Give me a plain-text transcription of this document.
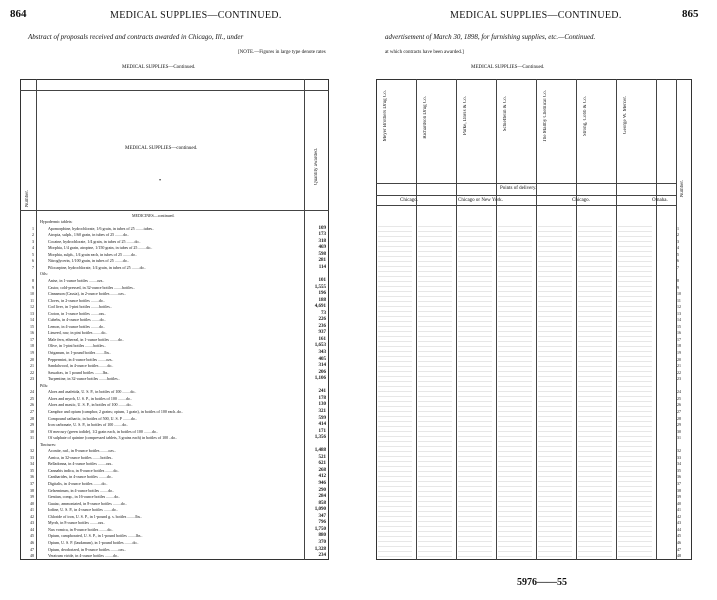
864	MEDICAL SUPPLIES—CONTINUED.
Abstract of proposals received and contracts awarded in Chicago, Ill., under
[NOTE.—Figures in large type denote rates
MEDICAL SUPPLIES—Continued.
Number.
MEDICAL SUPPLIES—continued.	Quantity awarded.
•
MEDICINES—continued.
Hypodermic tablets:
1	Apomorphine, hydrochlorate, 1/6 grain, in tubes of 25 ........tubes..	109
2	Atropia, sulph., 1/60 grain, in tubes of 25 ........do..	173
3	Cocaine, hydrochlorate, 1/4 grain, in tubes of 25 ........do..	318
4	Morphia, 1/4 grain, atropine, 1/150 grain, in tubes of 25 ........do..	469
5	Morphia, sulph., 1/4 grain each, in tubes of 25 ........do..	598
6	Nitroglycerin, 1/100 grain, in tubes of 25 ........do..	281
7	Pilocarpine, hydrochlorate, 1/4 grain, in tubes of 25 ........do..	114
Oils:
8	Anise, in 1-ounce bottles ........ozs..	101
9	Castor, cold-pressed, in 32-ounce bottles ........bottles..	1,555
10	Cinnamon (Cassia), in 2-ounce bottles ........ozs..	196
11	Cloves, in 2-ounce bottles ........do..	188
12	Cod liver, in 1-pint bottles ........bottles..	4,691
13	Croton, in 1-ounce bottles ........ozs..	73
14	Cubebs, in 4-ounce bottles ........do..	226
15	Lemon, in 4-ounce bottles ........do..	236
16	Linseed, raw, in pint bottles ........do..	937
17	Male fern, ethereal, in 1-ounce bottles ........do..	161
18	Olive, in 1-pint bottles ........bottles..	1,653
19	Origanum, in 1-pound bottles ........lbs..	343
20	Peppermint, in 4-ounce bottles ........ozs..	405
21	Sandalwood, in 4-ounce bottles ........do..	314
22	Sassafras, in 1 pound bottles ........lbs..	206
23	Turpentine, in 32-ounce bottles ........bottles..	1,106
Pills:
24	Aloes and asafetida, U. S. P., in bottles of 100 ........do..	241
25	Aloes and myrrh, U. S. P., in bottles of 100 ........do..	178
26	Aloes and mastic, U. S. P., in bottles of 100 ........do..	130
27	Camphor and opium (camphor, 2 grains; opium, 1 grain), in bottles of 100 each..do..	321
28	Compound cathartic, in bottles of 500, U. S. P ........do..	599
29	Iron carbonate, U. S. P., in bottles of 100 ........do..	414
30	Of mercury (green iodide), 1/2 grain each, in bottles of 100 ........do..	171
31	Of sulphate of quinine (compressed tablets, 3 grains each) in bottles of 100 ..do..	1,356
Tinctures:
32	Aconite, rad., in 8-ounce bottles ........ozs..	1,488
33	Arnica, in 32-ounce bottles ........bottles..	521
34	Belladonna, in 4-ounce bottles ........ozs..	621
35	Cannabis indica, in 8-ounce bottles ........do..	268
36	Cantharides, in 4-ounce bottles ........do..	412
37	Digitalis, in 4-ounce bottles ........do..	946
38	Gelseminum, in 4-ounce bottles ........do..	290
39	Gentian, comp., in 16-ounce bottles ........do..	284
40	Guaiac, ammoniated, in 8-ounce bottles ........do..	858
41	Iodine, U. S. P., in 4-ounce bottles ........do..	1,090
42	Chloride of iron, U. S. P., in 1-pound g. s. bottles ........lbs..	347
43	Myrrh, in 8-ounce bottles ........ozs..	796
44	Nux vomica, in 8-ounce bottles ........do..	1,750
45	Opium, camphorated, U. S. P., in 1-pound bottles ........lbs..	880
46	Opium, U. S. P. (laudanum), in 1-pound bottles ........do..	370
47	Opium, deodorized, in 8-ounce bottles ........ozs..	1,328
48	Veratrum viride, in 4-ounce bottles ........do..	234
MEDICAL SUPPLIES—CONTINUED.	865
advertisement of March 30, 1898, for furnishing supplies, etc.—Continued.
at which contracts have been awarded.]
MEDICAL SUPPLIES—Continued.
Points of delivery.
Chicago.	Chicago or New York.	Chicago.	Omaha.
Meyer Brothers Drug Co.	Richardson Drug Co.	Parke, Davis & Co.	Schieffelin & Co.	The Maltby Chemical Co.	Strong, Cobb & Co.	George W. Mercer.
Number.
1
2
3
4
5
6
7
8
9
10
11
12
13
14
15
16
17
18
19
20
21
22
23
24
25
26
27
28
29
30
31
32
33
34
35
36
37
38
39
40
41
42
43
44
45
46
47
48
5976——55
